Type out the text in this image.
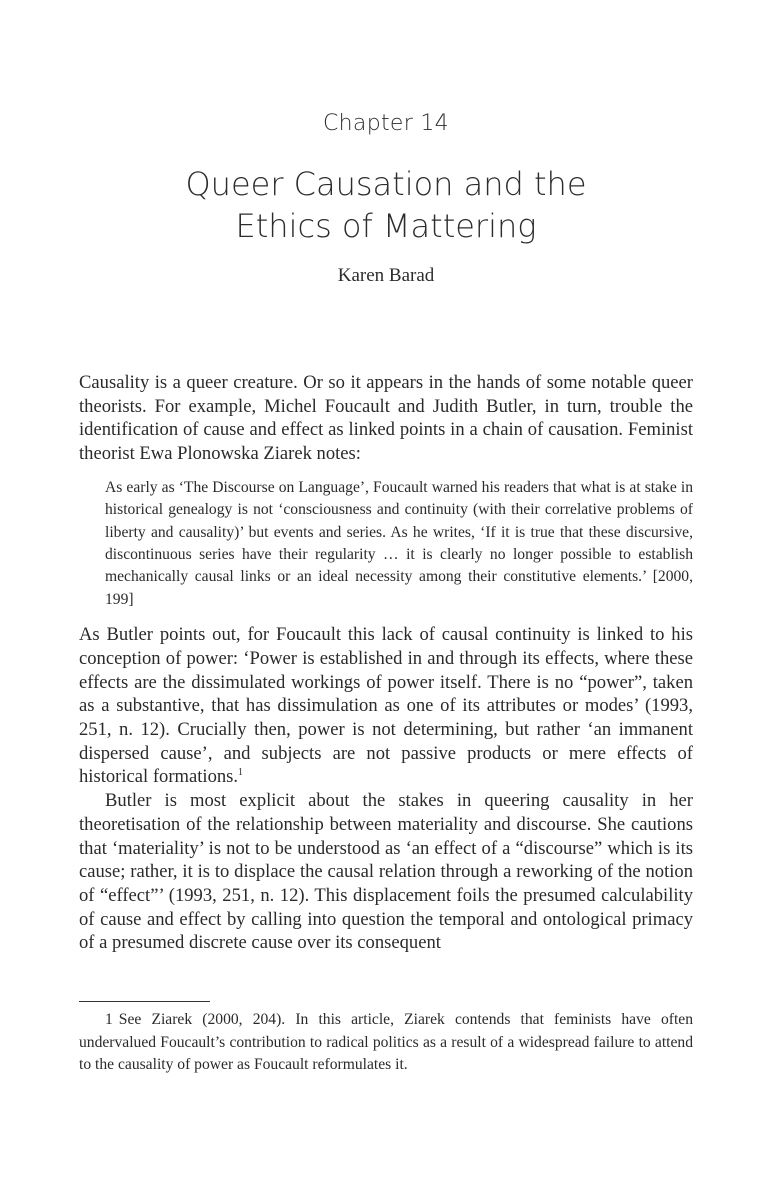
Chapter 14
Queer Causation and the
Ethics of Mattering
Karen Barad

Causality is a queer creature. Or so it appears in the hands of some notable queer theorists. For example, Michel Foucault and Judith Butler, in turn, trouble the identification of cause and effect as linked points in a chain of causation. Feminist theorist Ewa Plonowska Ziarek notes:

As early as ‘The Discourse on Language’, Foucault warned his readers that what is at stake in historical genealogy is not ‘consciousness and continuity (with their correlative problems of liberty and causality)’ but events and series. As he writes, ‘If it is true that these discursive, discontinuous series have their regularity … it is clearly no longer possible to establish mechanically causal links or an ideal necessity among their constitutive elements.’ [2000, 199]

As Butler points out, for Foucault this lack of causal continuity is linked to his conception of power: ‘Power is established in and through its effects, where these effects are the dissimulated workings of power itself. There is no “power”, taken as a substantive, that has dissimulation as one of its attributes or modes’ (1993, 251, n. 12). Crucially then, power is not determining, but rather ‘an immanent dispersed cause’, and subjects are not passive products or mere effects of historical formations.$^1$

Butler is most explicit about the stakes in queering causality in her theoretisation of the relationship between materiality and discourse. She cautions that ‘materiality’ is not to be understood as ‘an effect of a “discourse” which is its cause; rather, it is to displace the causal relation through a reworking of the notion of “effect”’ (1993, 251, n. 12). This displacement foils the presumed calculability of cause and effect by calling into question the temporal and ontological primacy of a presumed discrete cause over its consequent

1 See Ziarek (2000, 204). In this article, Ziarek contends that feminists have often undervalued Foucault’s contribution to radical politics as a result of a widespread failure to attend to the causality of power as Foucault reformulates it.
